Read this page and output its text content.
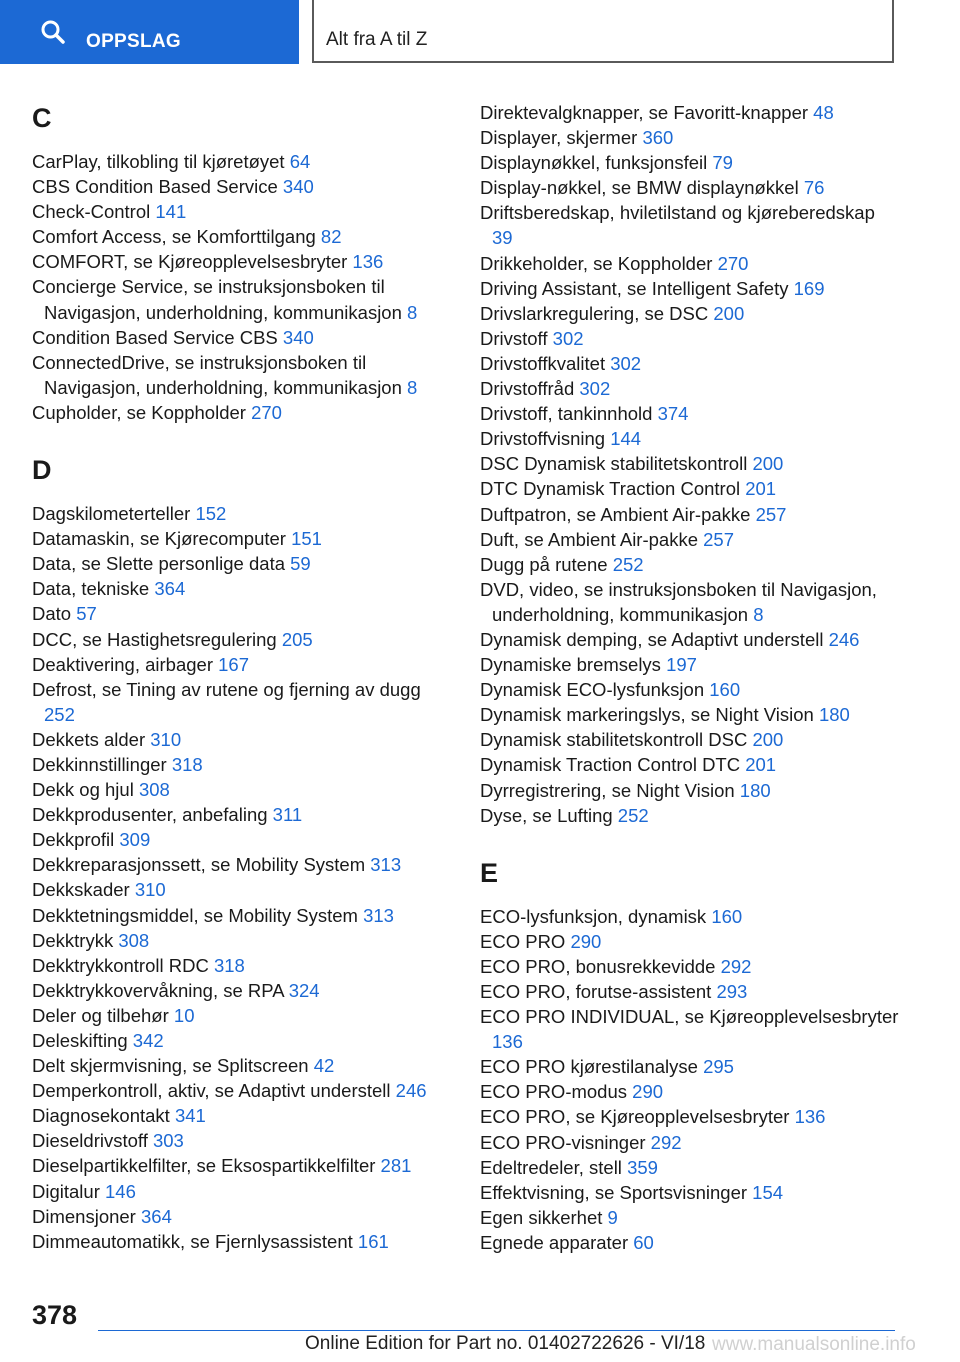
OPPSLAG	Alt fra A til Z
C
CarPlay, tilkobling til kjøretøyet 64
CBS Condition Based Service 340
Check-Control 141
Comfort Access, se Komforttilgang 82
COMFORT, se Kjøreopplevelsesbryter 136
Concierge Service, se instruksjonsboken til Navigasjon, underholdning, kommunikasjon 8
Condition Based Service CBS 340
ConnectedDrive, se instruksjonsboken til Navigasjon, underholdning, kommunikasjon 8
Cupholder, se Koppholder 270
D
Dagskilometerteller 152
Datamaskin, se Kjørecomputer 151
Data, se Slette personlige data 59
Data, tekniske 364
Dato 57
DCC, se Hastighetsregulering 205
Deaktivering, airbager 167
Defrost, se Tining av rutene og fjerning av dugg 252
Dekkets alder 310
Dekkinnstillinger 318
Dekk og hjul 308
Dekkprodusenter, anbefaling 311
Dekkprofil 309
Dekkreparasjonssett, se Mobility System 313
Dekkskader 310
Dekktetningsmiddel, se Mobility System 313
Dekktrykk 308
Dekktrykkontroll RDC 318
Dekktrykkovervåkning, se RPA 324
Deler og tilbehør 10
Deleskifting 342
Delt skjermvisning, se Splitscreen 42
Demperkontroll, aktiv, se Adaptivt understell 246
Diagnosekontakt 341
Dieseldrivstoff 303
Dieselpartikkelfilter, se Eksospartikkelfilter 281
Digitalur 146
Dimensjoner 364
Dimmeautomatikk, se Fjernlysassistent 161
Direktevalgknapper, se Favoritt-knapper 48
Displayer, skjermer 360
Displaynøkkel, funksjonsfeil 79
Display-nøkkel, se BMW displaynøkkel 76
Driftsberedskap, hviletilstand og kjøreberedskap 39
Drikkeholder, se Koppholder 270
Driving Assistant, se Intelligent Safety 169
Drivslarkregulering, se DSC 200
Drivstoff 302
Drivstoffkvalitet 302
Drivstoffråd 302
Drivstoff, tankinnhold 374
Drivstoffvisning 144
DSC Dynamisk stabilitetskontroll 200
DTC Dynamisk Traction Control 201
Duftpatron, se Ambient Air-pakke 257
Duft, se Ambient Air-pakke 257
Dugg på rutene 252
DVD, video, se instruksjonsboken til Navigasjon, underholdning, kommunikasjon 8
Dynamisk demping, se Adaptivt understell 246
Dynamiske bremselys 197
Dynamisk ECO-lysfunksjon 160
Dynamisk markeringslys, se Night Vision 180
Dynamisk stabilitetskontroll DSC 200
Dynamisk Traction Control DTC 201
Dyrregistrering, se Night Vision 180
Dyse, se Lufting 252
E
ECO-lysfunksjon, dynamisk 160
ECO PRO 290
ECO PRO, bonusrekkevidde 292
ECO PRO, forutse-assistent 293
ECO PRO INDIVIDUAL, se Kjøreopplevelsesbryter 136
ECO PRO kjørestilanalyse 295
ECO PRO-modus 290
ECO PRO, se Kjøreopplevelsesbryter 136
ECO PRO-visninger 292
Edeltredeler, stell 359
Effektvisning, se Sportsvisninger 154
Egen sikkerhet 9
Egnede apparater 60
378
Online Edition for Part no. 01402722626 - VI/18 www.manualsonline.info
